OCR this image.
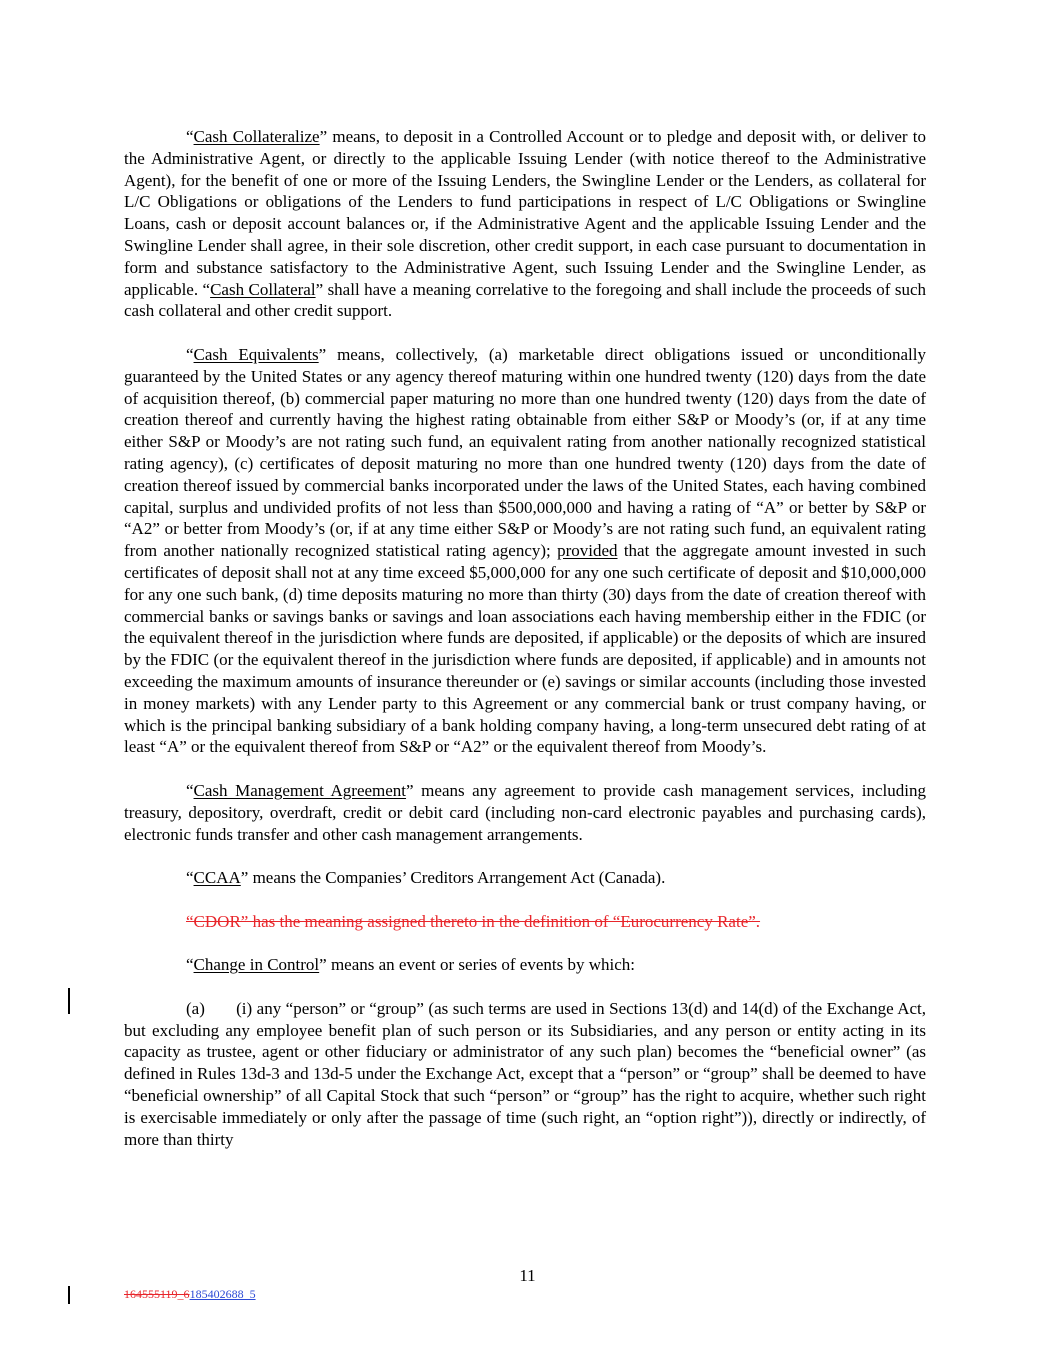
“Cash Collateralize” means, to deposit in a Controlled Account or to pledge and deposit with, or deliver to the Administrative Agent, or directly to the applicable Issuing Lender (with notice thereof to the Administrative Agent), for the benefit of one or more of the Issuing Lenders, the Swingline Lender or the Lenders, as collateral for L/C Obligations or obligations of the Lenders to fund participations in respect of L/C Obligations or Swingline Loans, cash or deposit account balances or, if the Administrative Agent and the applicable Issuing Lender and the Swingline Lender shall agree, in their sole discretion, other credit support, in each case pursuant to documentation in form and substance satisfactory to the Administrative Agent, such Issuing Lender and the Swingline Lender, as applicable. “Cash Collateral” shall have a meaning correlative to the foregoing and shall include the proceeds of such cash collateral and other credit support.

“Cash Equivalents” means, collectively, (a) marketable direct obligations issued or unconditionally guaranteed by the United States or any agency thereof maturing within one hundred twenty (120) days from the date of acquisition thereof, (b) commercial paper maturing no more than one hundred twenty (120) days from the date of creation thereof and currently having the highest rating obtainable from either S&P or Moody’s (or, if at any time either S&P or Moody’s are not rating such fund, an equivalent rating from another nationally recognized statistical rating agency), (c) certificates of deposit maturing no more than one hundred twenty (120) days from the date of creation thereof issued by commercial banks incorporated under the laws of the United States, each having combined capital, surplus and undivided profits of not less than $500,000,000 and having a rating of “A” or better by S&P or “A2” or better from Moody’s (or, if at any time either S&P or Moody’s are not rating such fund, an equivalent rating from another nationally recognized statistical rating agency); provided that the aggregate amount invested in such certificates of deposit shall not at any time exceed $5,000,000 for any one such certificate of deposit and $10,000,000 for any one such bank, (d) time deposits maturing no more than thirty (30) days from the date of creation thereof with commercial banks or savings banks or savings and loan associations each having membership either in the FDIC (or the equivalent thereof in the jurisdiction where funds are deposited, if applicable) or the deposits of which are insured by the FDIC (or the equivalent thereof in the jurisdiction where funds are deposited, if applicable) and in amounts not exceeding the maximum amounts of insurance thereunder or (e) savings or similar accounts (including those invested in money markets) with any Lender party to this Agreement or any commercial bank or trust company having, or which is the principal banking subsidiary of a bank holding company having, a long-term unsecured debt rating of at least “A” or the equivalent thereof from S&P or “A2” or the equivalent thereof from Moody’s.

“Cash Management Agreement” means any agreement to provide cash management services, including treasury, depository, overdraft, credit or debit card (including non-card electronic payables and purchasing cards), electronic funds transfer and other cash management arrangements.

“CCAA” means the Companies’ Creditors Arrangement Act (Canada).

“CDOR” has the meaning assigned thereto in the definition of “Eurocurrency Rate”.

“Change in Control” means an event or series of events by which:

(a)       (i) any “person” or “group” (as such terms are used in Sections 13(d) and 14(d) of the Exchange Act, but excluding any employee benefit plan of such person or its Subsidiaries, and any person or entity acting in its capacity as trustee, agent or other fiduciary or administrator of any such plan) becomes the “beneficial owner” (as defined in Rules 13d-3 and 13d-5 under the Exchange Act, except that a “person” or “group” shall be deemed to have “beneficial ownership” of all Capital Stock that such “person” or “group” has the right to acquire, whether such right is exercisable immediately or only after the passage of time (such right, an “option right”)), directly or indirectly, of more than thirty

11
164555119_6185402688_5
